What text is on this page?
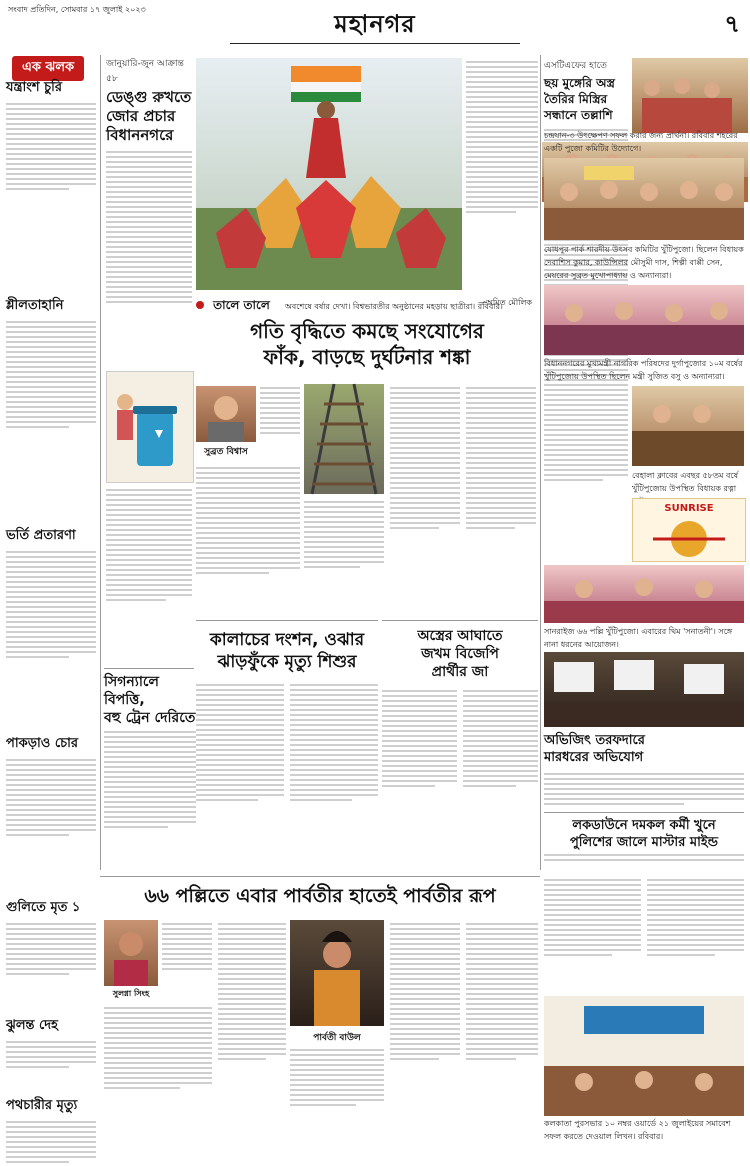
সংবাদ প্রতিদিন, সোমবার ১৭ জুলাই ২০২৩
মহানগর	৭
এক ঝলক
যন্ত্রাংশ চুরি
শ্লীলতাহানি
ভর্তি প্রতারণা
পাকড়াও চোর
গুলিতে মৃত ১
ঝুলন্ত দেহ
পথচারীর মৃত্যু
জানুয়ারি-জুন আক্রান্ত ৫৮
ডেঙ্গু রুখতে
জোর প্রচার
বিধাননগরে
সিগন্যালে বিপত্তি,
বহু ট্রেন দেরিতে
তালে তালে অবশেষে বর্ষার দেখা। বিশ্বভারতীর অনুষ্ঠানের মহড়ায় ছাত্রীরা। রবিবার।
—অমিত মৌলিক
গতি বৃদ্ধিতে কমছে সংযোগের
ফাঁক, বাড়ছে দুর্ঘটনার শঙ্কা
সুব্রত বিশ্বাস
কালাচের দংশন, ওঝার
ঝাড়ফুঁকে মৃত্যু শিশুর
অস্ত্রের আঘাতে
জখম বিজেপি
প্রার্থীর জা
এসটিএফের হাতে
ছয় মুঙ্গেরি অস্ত্র
তৈরির মিস্ত্রির
সন্ধানে তল্লাশি
চন্দ্রযান-৩ উৎক্ষেপণ সফল করার জন্য প্রার্থনা। রবিবার শহরের একটি পুজো কমিটির উদ্যোগে।
যোধপুর পার্ক শারদীয় উৎসব কমিটির খুঁটিপুজো। ছিলেন বিধায়ক দেবাশিস কুমার, কাউন্সিলর মৌসুমী দাস, শিল্পী বাপ্পী সেন, মেয়রের সুব্রত মুখোপাধ্যায় ও অন্যান্যরা।
বিধাননগরের মুখ্যমন্ত্রী নাগরিক পরিষদের দুর্গাপুজোর ১০ম বর্ষের খুঁটিপুজোয় উপস্থিত ছিলেন মন্ত্রী সুজিত বসু ও অন্যান্যরা।
বেহালা ক্লাবের এবছর ৫৮তম বর্ষে খুঁটিপুজোয় উপস্থিত বিধায়ক রত্না
SUNRISE
সানরাইজ ৬৬ পল্লি খুঁটিপুজো। এবারের থিম 'সনাতনী'। সঙ্গে নানা ধরনের আয়োজন।
অভিজিৎ তরফদারে
মারধরের অভিযোগ
লকডাউনে দমকল কর্মী খুনে
পুলিশের জালে মাস্টার মাইন্ড
৬৬ পল্লিতে এবার পার্বতীর হাতেই পার্বতীর রূপ
সুলগ্না সিংহ
পার্বতী বাউল
কলকাতা পুরসভার ১০ নম্বর ওয়ার্ডে ২১ জুলাইয়ের সমাবেশ সফল করতে দেওয়াল লিখন। রবিবার।
